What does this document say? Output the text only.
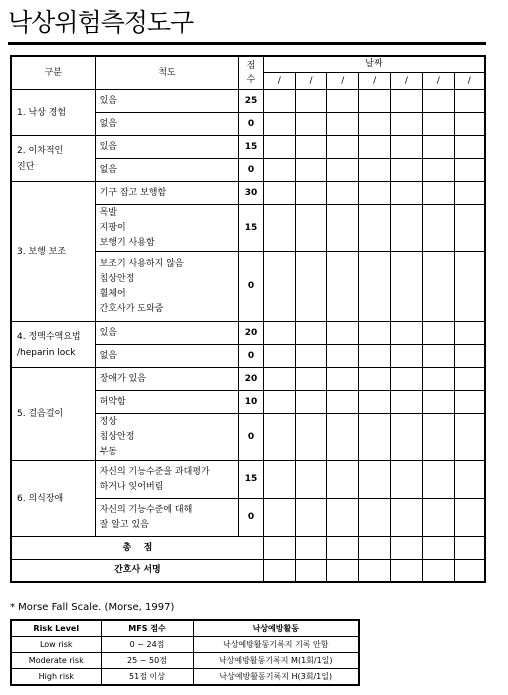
낙상위험측정도구
구분	척도	점수	날짜						
			/	/	/	/	/	/	/

1. 낙상 경험	있음	25							

	없음	0							

2. 이차적인
진단	있음	15							

	없음	0							

3. 보행 보조	기구 잡고 보행함	30							

	목발
지팡이
보행기 사용함	15							

	보조기 사용하지 않음
침상안정
휠체어
간호사가 도와줌	0							

4. 정맥수액요법
/heparin lock	있음	20							

	없음	0							

5. 걸음걸이	장애가 있음	20							

	허약함	10							

	정상
침상안정
부동	0							

6. 의식장애	자신의 기능수준을 과대평가
하거나 잊어버림	15							

	자신의 기능수준에 대해
잘 알고 있음	0							
총    점									
간호사 서명									
* Morse Fall Scale. (Morse, 1997)
Risk Level	MFS 점수	낙상예방활동
Low risk	0 ~ 24점	낙상예방활동기록지 기록 안함
Moderate risk	25 ~ 50점	낙상예방활동기록지 M(1회/1일)
High risk	51점 이상	낙상예방활동기록지 H(3회/1일)
